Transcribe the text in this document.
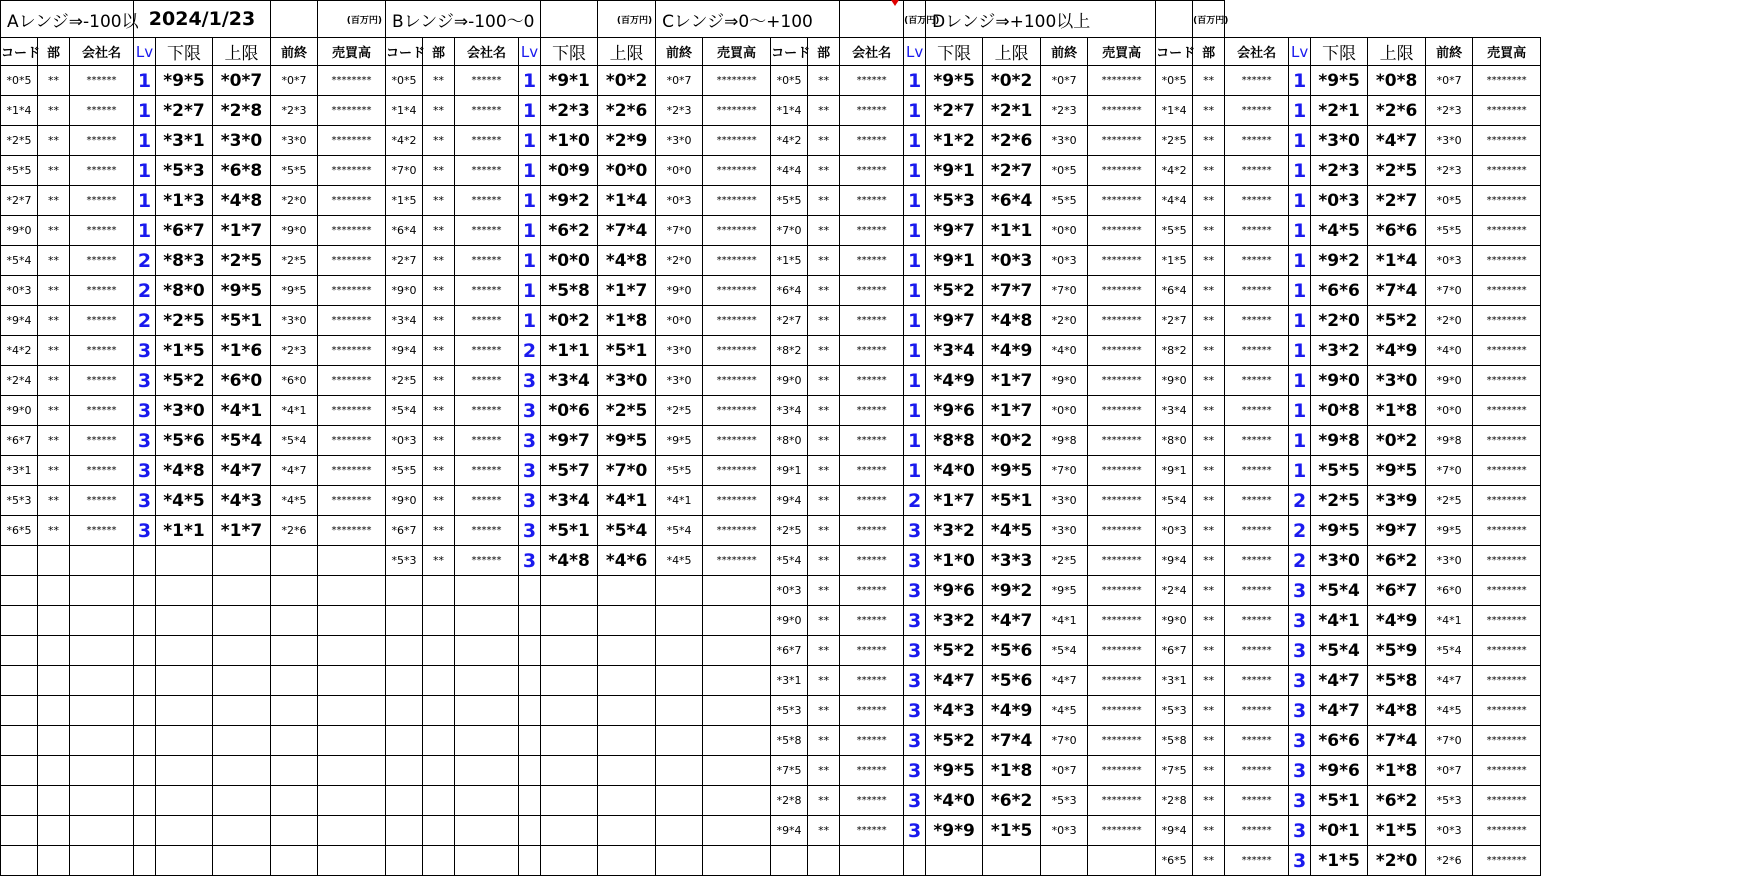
Aレンジ⇒-100以			2024/1/23				(百万円)	Bレンジ⇒-100～0					(百万円)	Cレンジ⇒0～+100					(百万円)	Dレンジ⇒+100以上					(百万円)						
コード	部	会社名	Lv	下限	上限	前終	売買高	コード	部	会社名	Lv	下限	上限	前終	売買高	コード	部	会社名	Lv	下限	上限	前終	売買高	コード	部	会社名	Lv	下限	上限	前終	売買高
*0*5	**	******	1	*9*5	*0*7	*0*7	********	*0*5	**	******	1	*9*1	*0*2	*0*7	********	*0*5	**	******	1	*9*5	*0*2	*0*7	********	*0*5	**	******	1	*9*5	*0*8	*0*7	********
*1*4	**	******	1	*2*7	*2*8	*2*3	********	*1*4	**	******	1	*2*3	*2*6	*2*3	********	*1*4	**	******	1	*2*7	*2*1	*2*3	********	*1*4	**	******	1	*2*1	*2*6	*2*3	********
*2*5	**	******	1	*3*1	*3*0	*3*0	********	*4*2	**	******	1	*1*0	*2*9	*3*0	********	*4*2	**	******	1	*1*2	*2*6	*3*0	********	*2*5	**	******	1	*3*0	*4*7	*3*0	********
*5*5	**	******	1	*5*3	*6*8	*5*5	********	*7*0	**	******	1	*0*9	*0*0	*0*0	********	*4*4	**	******	1	*9*1	*2*7	*0*5	********	*4*2	**	******	1	*2*3	*2*5	*2*3	********
*2*7	**	******	1	*1*3	*4*8	*2*0	********	*1*5	**	******	1	*9*2	*1*4	*0*3	********	*5*5	**	******	1	*5*3	*6*4	*5*5	********	*4*4	**	******	1	*0*3	*2*7	*0*5	********
*9*0	**	******	1	*6*7	*1*7	*9*0	********	*6*4	**	******	1	*6*2	*7*4	*7*0	********	*7*0	**	******	1	*9*7	*1*1	*0*0	********	*5*5	**	******	1	*4*5	*6*6	*5*5	********
*5*4	**	******	2	*8*3	*2*5	*2*5	********	*2*7	**	******	1	*0*0	*4*8	*2*0	********	*1*5	**	******	1	*9*1	*0*3	*0*3	********	*1*5	**	******	1	*9*2	*1*4	*0*3	********
*0*3	**	******	2	*8*0	*9*5	*9*5	********	*9*0	**	******	1	*5*8	*1*7	*9*0	********	*6*4	**	******	1	*5*2	*7*7	*7*0	********	*6*4	**	******	1	*6*6	*7*4	*7*0	********
*9*4	**	******	2	*2*5	*5*1	*3*0	********	*3*4	**	******	1	*0*2	*1*8	*0*0	********	*2*7	**	******	1	*9*7	*4*8	*2*0	********	*2*7	**	******	1	*2*0	*5*2	*2*0	********
*4*2	**	******	3	*1*5	*1*6	*2*3	********	*9*4	**	******	2	*1*1	*5*1	*3*0	********	*8*2	**	******	1	*3*4	*4*9	*4*0	********	*8*2	**	******	1	*3*2	*4*9	*4*0	********
*2*4	**	******	3	*5*2	*6*0	*6*0	********	*2*5	**	******	3	*3*4	*3*0	*3*0	********	*9*0	**	******	1	*4*9	*1*7	*9*0	********	*9*0	**	******	1	*9*0	*3*0	*9*0	********
*9*0	**	******	3	*3*0	*4*1	*4*1	********	*5*4	**	******	3	*0*6	*2*5	*2*5	********	*3*4	**	******	1	*9*6	*1*7	*0*0	********	*3*4	**	******	1	*0*8	*1*8	*0*0	********
*6*7	**	******	3	*5*6	*5*4	*5*4	********	*0*3	**	******	3	*9*7	*9*5	*9*5	********	*8*0	**	******	1	*8*8	*0*2	*9*8	********	*8*0	**	******	1	*9*8	*0*2	*9*8	********
*3*1	**	******	3	*4*8	*4*7	*4*7	********	*5*5	**	******	3	*5*7	*7*0	*5*5	********	*9*1	**	******	1	*4*0	*9*5	*7*0	********	*9*1	**	******	1	*5*5	*9*5	*7*0	********
*5*3	**	******	3	*4*5	*4*3	*4*5	********	*9*0	**	******	3	*3*4	*4*1	*4*1	********	*9*4	**	******	2	*1*7	*5*1	*3*0	********	*5*4	**	******	2	*2*5	*3*9	*2*5	********
*6*5	**	******	3	*1*1	*1*7	*2*6	********	*6*7	**	******	3	*5*1	*5*4	*5*4	********	*2*5	**	******	3	*3*2	*4*5	*3*0	********	*0*3	**	******	2	*9*5	*9*7	*9*5	********
								*5*3	**	******	3	*4*8	*4*6	*4*5	********	*5*4	**	******	3	*1*0	*3*3	*2*5	********	*9*4	**	******	2	*3*0	*6*2	*3*0	********
																*0*3	**	******	3	*9*6	*9*2	*9*5	********	*2*4	**	******	3	*5*4	*6*7	*6*0	********
																*9*0	**	******	3	*3*2	*4*7	*4*1	********	*9*0	**	******	3	*4*1	*4*9	*4*1	********
																*6*7	**	******	3	*5*2	*5*6	*5*4	********	*6*7	**	******	3	*5*4	*5*9	*5*4	********
																*3*1	**	******	3	*4*7	*5*6	*4*7	********	*3*1	**	******	3	*4*7	*5*8	*4*7	********
																*5*3	**	******	3	*4*3	*4*9	*4*5	********	*5*3	**	******	3	*4*7	*4*8	*4*5	********
																*5*8	**	******	3	*5*2	*7*4	*7*0	********	*5*8	**	******	3	*6*6	*7*4	*7*0	********
																*7*5	**	******	3	*9*5	*1*8	*0*7	********	*7*5	**	******	3	*9*6	*1*8	*0*7	********
																*2*8	**	******	3	*4*0	*6*2	*5*3	********	*2*8	**	******	3	*5*1	*6*2	*5*3	********
																*9*4	**	******	3	*9*9	*1*5	*0*3	********	*9*4	**	******	3	*0*1	*1*5	*0*3	********
																								*6*5	**	******	3	*1*5	*2*0	*2*6	********
